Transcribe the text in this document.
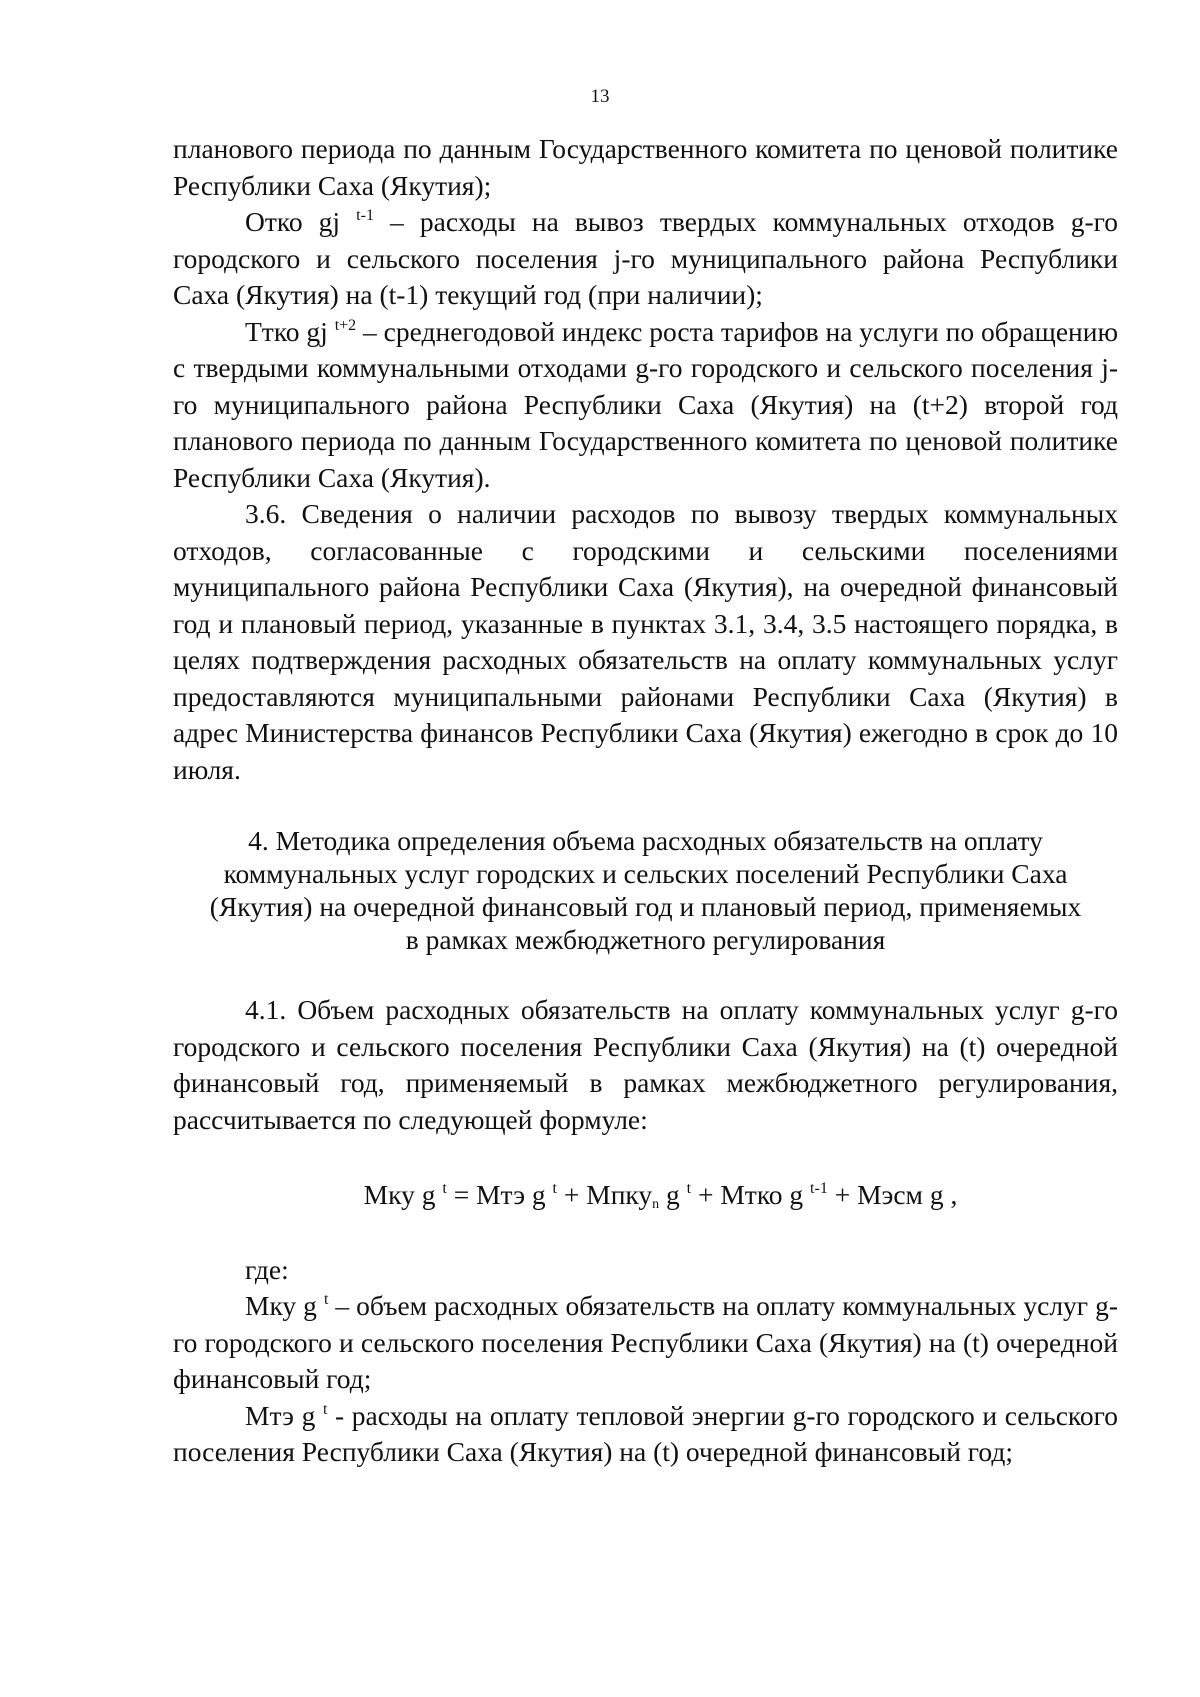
13

планового периода по данным Государственного комитета по ценовой политике Республики Саха (Якутия);

Отко gj $^{t-1}$ – расходы на вывоз твердых коммунальных отходов g-го городского и сельского поселения j-го муниципального района Республики Саха (Якутия) на (t-1) текущий год (при наличии);

Ттко gj $^{t+2}$ – среднегодовой индекс роста тарифов на услуги по обращению с твердыми коммунальными отходами g-го городского и сельского поселения j-го муниципального района Республики Саха (Якутия) на (t+2) второй год планового периода по данным Государственного комитета по ценовой политике Республики Саха (Якутия).

3.6. Сведения о наличии расходов по вывозу твердых коммунальных отходов, согласованные с городскими и сельскими поселениями муниципального района Республики Саха (Якутия), на очередной финансовый год и плановый период, указанные в пунктах 3.1, 3.4, 3.5 настоящего порядка, в целях подтверждения расходных обязательств на оплату коммунальных услуг предоставляются муниципальными районами Республики Саха (Якутия) в адрес Министерства финансов Республики Саха (Якутия) ежегодно в срок до 10 июля.

4. Методика определения объема расходных обязательств на оплату
коммунальных услуг городских и сельских поселений Республики Саха
(Якутия) на очередной финансовый год и плановый период, применяемых
в рамках межбюджетного регулирования

4.1. Объем расходных обязательств на оплату коммунальных услуг g-го городского и сельского поселения Республики Саха (Якутия) на (t) очередной финансовый год, применяемый в рамках межбюджетного регулирования, рассчитывается по следующей формуле:

Мку g $^t$ = Мтэ g $^t$ + Мпку$_n$ g $^t$ + Мтко g $^{t-1}$ + Мэсм g ,

где:

Мку g $^t$ – объем расходных обязательств на оплату коммунальных услуг g-го городского и сельского поселения Республики Саха (Якутия) на (t) очередной финансовый год;

Мтэ g $^t$ - расходы на оплату тепловой энергии g-го городского и сельского поселения Республики Саха (Якутия) на (t) очередной финансовый год;
